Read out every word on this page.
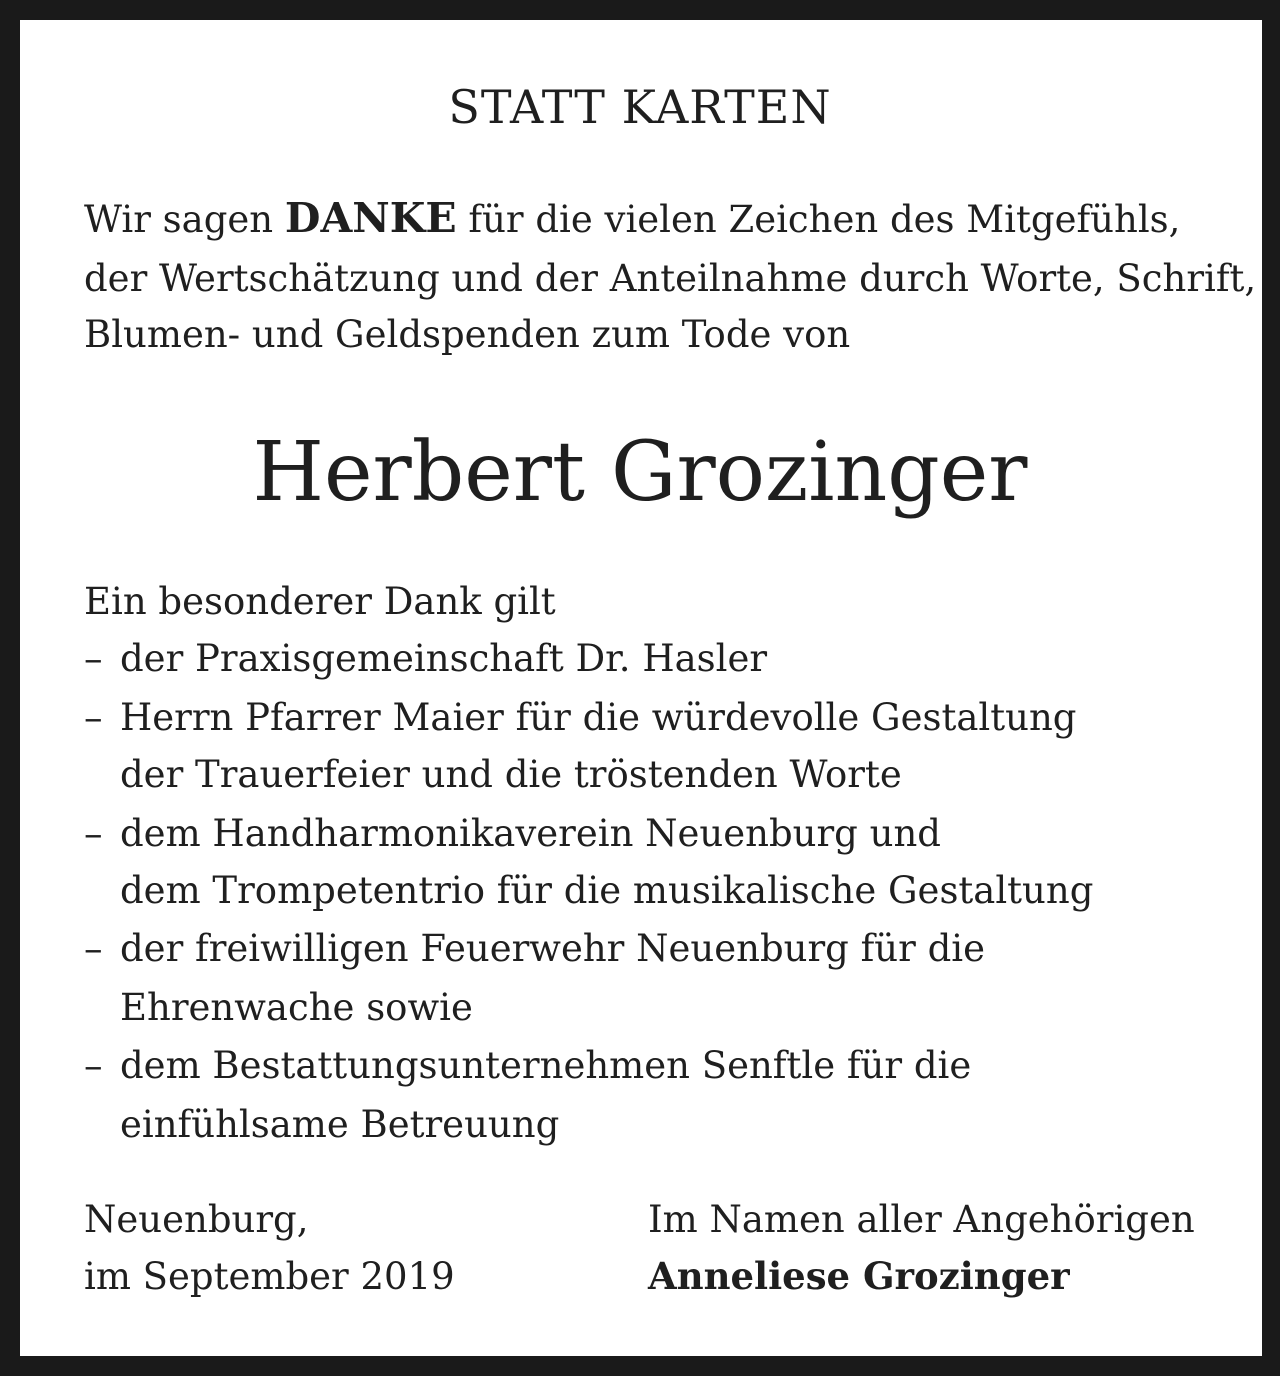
STATT KARTEN
Wir sagen DANKE für die vielen Zeichen des Mitgefühls,
der Wertschätzung und der Anteilnahme durch Worte, Schrift,
Blumen- und Geldspenden zum Tode von
Herbert Grozinger
Ein besonderer Dank gilt
– der Praxisgemeinschaft Dr. Hasler
– Herrn Pfarrer Maier für die würdevolle Gestaltung
der Trauerfeier und die tröstenden Worte
– dem Handharmonikaverein Neuenburg und
dem Trompetentrio für die musikalische Gestaltung
– der freiwilligen Feuerwehr Neuenburg für die
Ehrenwache sowie
– dem Bestattungsunternehmen Senftle für die
einfühlsame Betreuung
Neuenburg,
im September 2019
Im Namen aller Angehörigen
Anneliese Grozinger
